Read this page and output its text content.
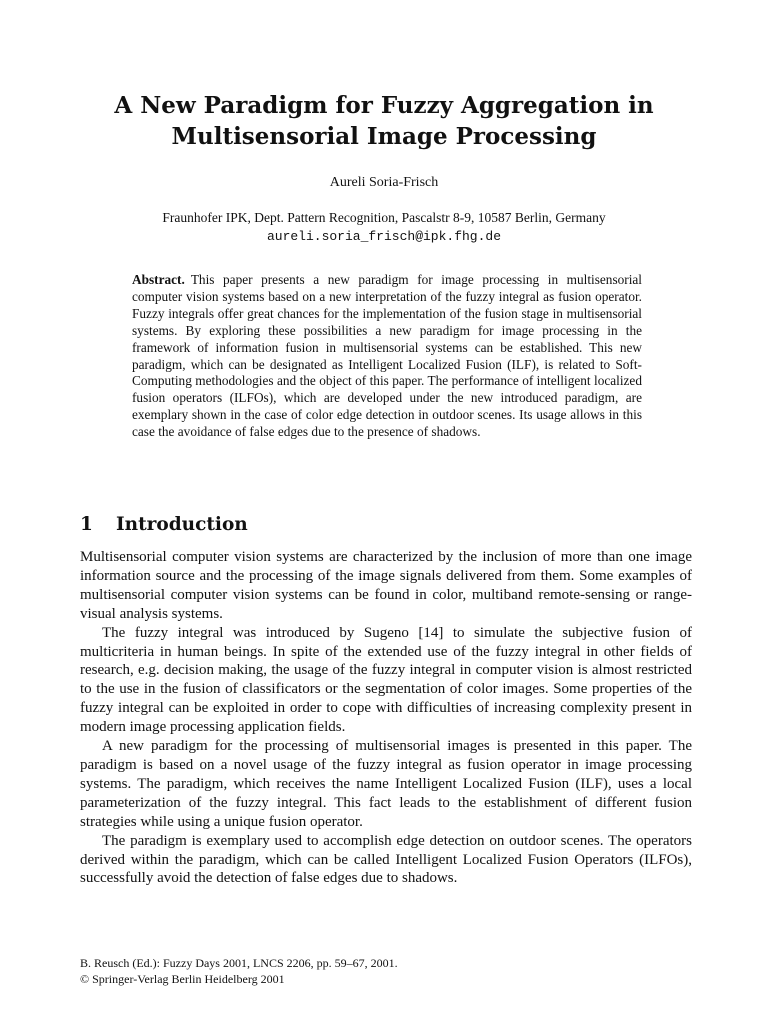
A New Paradigm for Fuzzy Aggregation in
Multisensorial Image Processing

Aureli Soria-Frisch

Fraunhofer IPK, Dept. Pattern Recognition, Pascalstr 8-9, 10587 Berlin, Germany
aureli.soria_frisch@ipk.fhg.de

Abstract. This paper presents a new paradigm for image processing in multisensorial computer vision systems based on a new interpretation of the fuzzy integral as fusion operator. Fuzzy integrals offer great chances for the implementation of the fusion stage in multisensorial systems. By exploring these possibilities a new paradigm for image processing in the framework of information fusion in multisensorial systems can be established. This new paradigm, which can be designated as Intelligent Localized Fusion (ILF), is related to Soft-Computing methodologies and the object of this paper. The performance of intelligent localized fusion operators (ILFOs), which are developed under the new introduced paradigm, are exemplary shown in the case of color edge detection in outdoor scenes. Its usage allows in this case the avoidance of false edges due to the presence of shadows.

1 Introduction

Multisensorial computer vision systems are characterized by the inclusion of more than one image information source and the processing of the image signals delivered from them. Some examples of multisensorial computer vision systems can be found in color, multiband remote-sensing or range-visual analysis systems.

The fuzzy integral was introduced by Sugeno [14] to simulate the subjective fusion of multicriteria in human beings. In spite of the extended use of the fuzzy integral in other fields of research, e.g. decision making, the usage of the fuzzy integral in computer vision is almost restricted to the use in the fusion of classificators or the segmentation of color images. Some properties of the fuzzy integral can be exploited in order to cope with difficulties of increasing complexity present in modern image processing application fields.

A new paradigm for the processing of multisensorial images is presented in this paper. The paradigm is based on a novel usage of the fuzzy integral as fusion operator in image processing systems. The paradigm, which receives the name Intelligent Localized Fusion (ILF), uses a local parameterization of the fuzzy integral. This fact leads to the establishment of different fusion strategies while using a unique fusion operator.

The paradigm is exemplary used to accomplish edge detection on outdoor scenes. The operators derived within the paradigm, which can be called Intelligent Localized Fusion Operators (ILFOs), successfully avoid the detection of false edges due to shadows.

B. Reusch (Ed.): Fuzzy Days 2001, LNCS 2206, pp. 59–67, 2001.

© Springer-Verlag Berlin Heidelberg 2001
